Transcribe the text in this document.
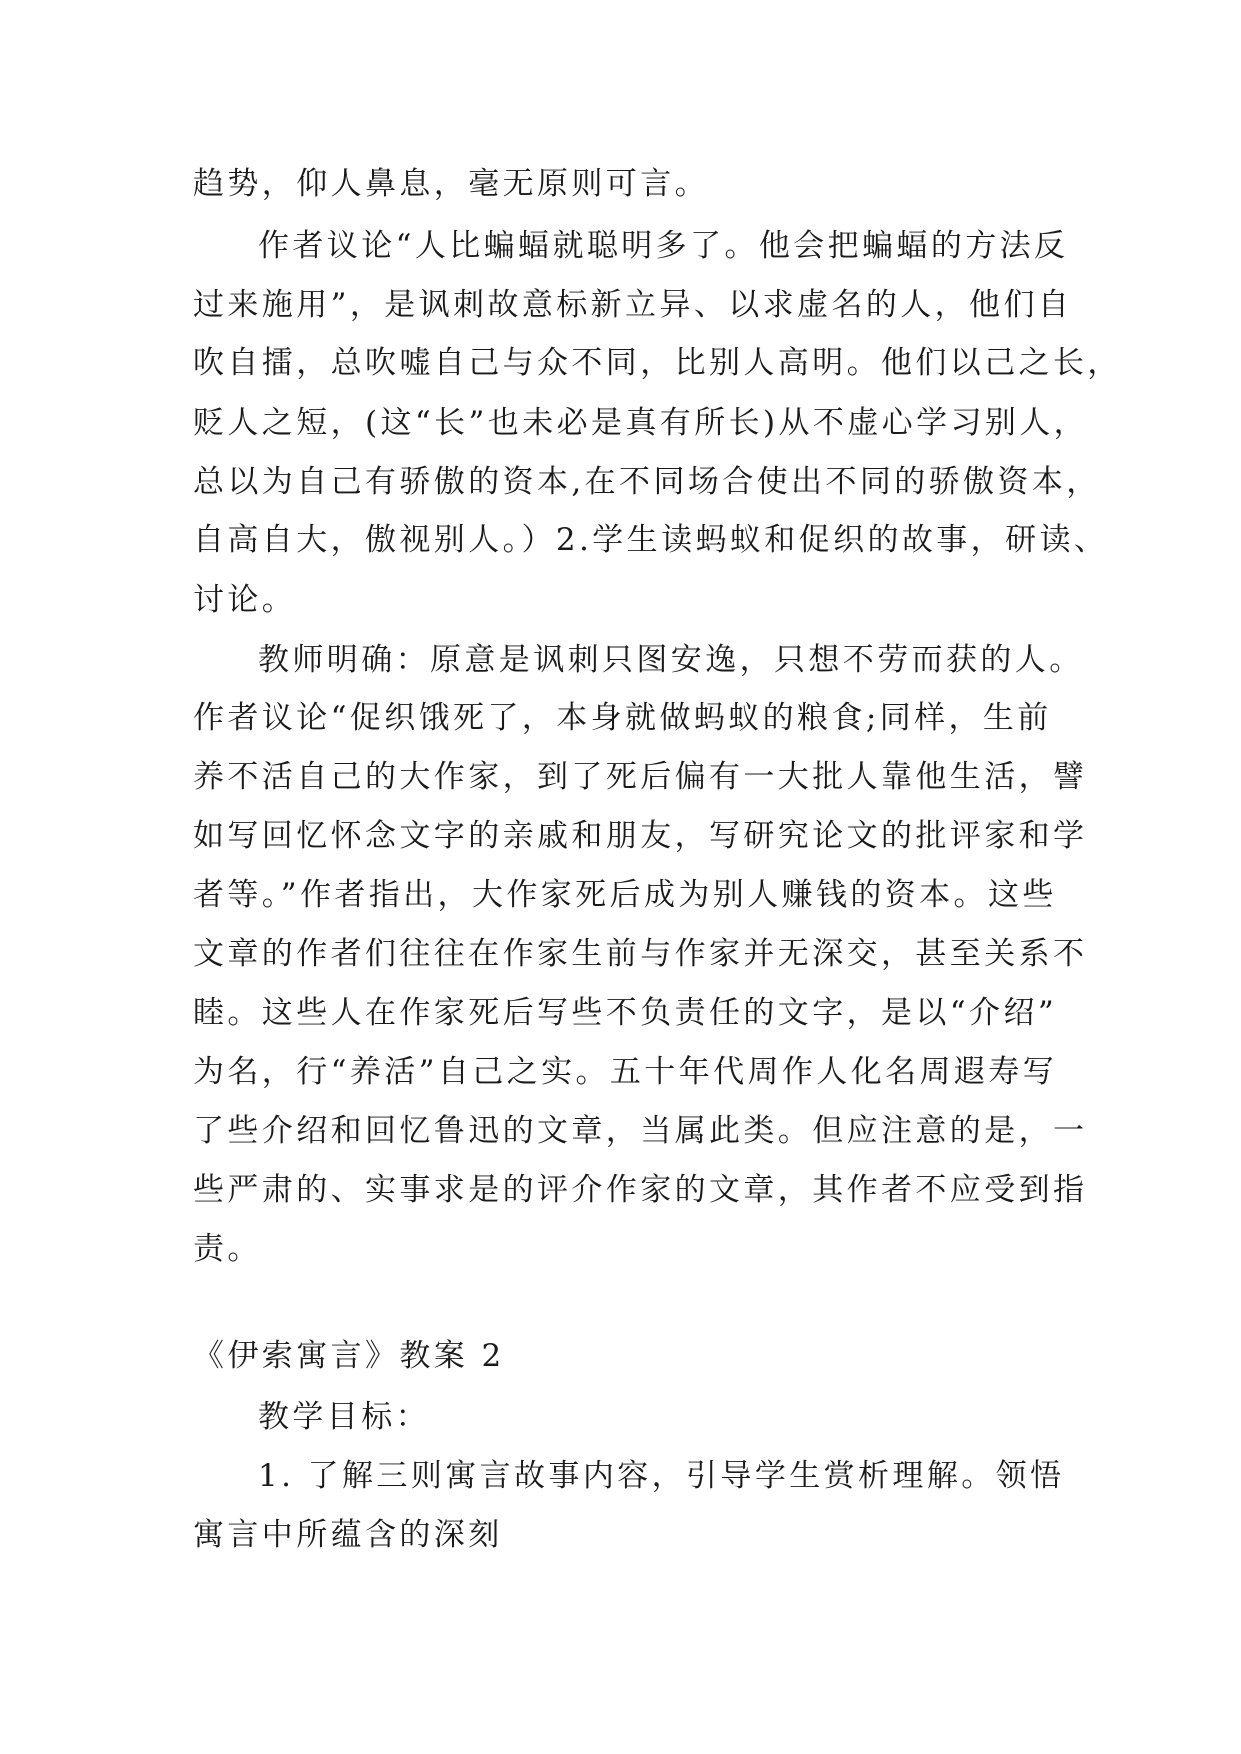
趋势，仰人鼻息，毫无原则可言。

作者议论“人比蝙蝠就聪明多了。他会把蝙蝠的方法反

过来施用”，是讽刺故意标新立异、以求虚名的人，他们自

吹自擂，总吹嘘自己与众不同，比别人高明。他们以己之长，

贬人之短，(这“长”也未必是真有所长)从不虚心学习别人，

总以为自己有骄傲的资本,在不同场合使出不同的骄傲资本，

自高自大，傲视别人。）2.学生读蚂蚁和促织的故事，研读、

讨论。

教师明确：原意是讽刺只图安逸，只想不劳而获的人。

作者议论“促织饿死了，本身就做蚂蚁的粮食;同样，生前

养不活自己的大作家，到了死后偏有一大批人靠他生活，譬

如写回忆怀念文字的亲戚和朋友，写研究论文的批评家和学

者等。”作者指出，大作家死后成为别人赚钱的资本。这些

文章的作者们往往在作家生前与作家并无深交，甚至关系不

睦。这些人在作家死后写些不负责任的文字，是以“介绍”

为名，行“养活”自己之实。五十年代周作人化名周遐寿写

了些介绍和回忆鲁迅的文章，当属此类。但应注意的是，一

些严肃的、实事求是的评介作家的文章，其作者不应受到指

责。

《伊索寓言》教案 2

教学目标：

1. 了解三则寓言故事内容，引导学生赏析理解。领悟

寓言中所蕴含的深刻
